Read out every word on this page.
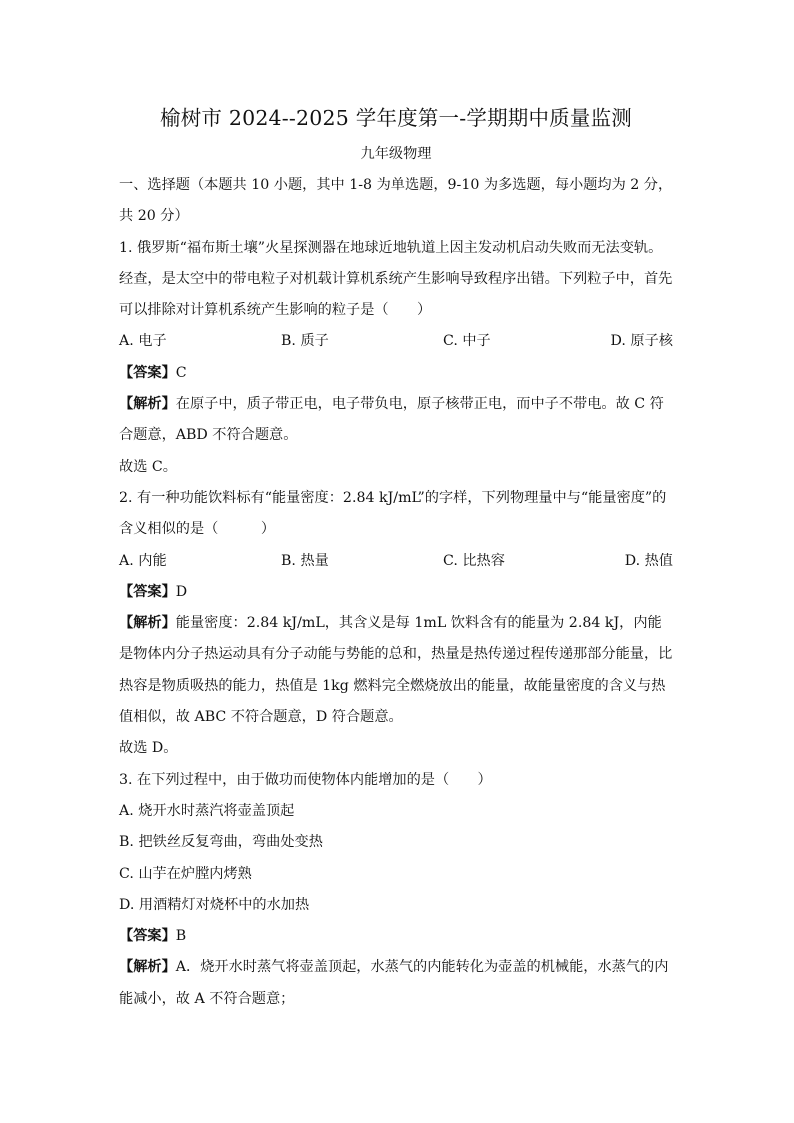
榆树市 2024--2025 学年度第一-学期期中质量监测

九年级物理

一、选择题（本题共 10 小题，其中 1-8 为单选题，9-10 为多选题，每小题均为 2 分，共 20 分）

1. 俄罗斯“福布斯土壤”火星探测器在地球近地轨道上因主发动机启动失败而无法变轨。经查，是太空中的带电粒子对机载计算机系统产生影响导致程序出错。下列粒子中，首先可以排除对计算机系统产生影响的粒子是（　　）

A. 电子	B. 质子	C. 中子	D. 原子核

【答案】C

【解析】在原子中，质子带正电，电子带负电，原子核带正电，而中子不带电。故 C 符合题意，ABD 不符合题意。

故选 C。

2. 有一种功能饮料标有“能量密度：2.84 kJ/mL”的字样，下列物理量中与“能量密度”的含义相似的是（　　　）

A. 内能	B. 热量	C. 比热容	D. 热值

【答案】D

【解析】能量密度：2.84 kJ/mL，其含义是每 1mL 饮料含有的能量为 2.84 kJ，内能是物体内分子热运动具有分子动能与势能的总和，热量是热传递过程传递那部分能量，比热容是物质吸热的能力，热值是 1kg 燃料完全燃烧放出的能量，故能量密度的含义与热值相似，故 ABC 不符合题意，D 符合题意。

故选 D。

3. 在下列过程中，由于做功而使物体内能增加的是（　　）

A. 烧开水时蒸汽将壶盖顶起

B. 把铁丝反复弯曲，弯曲处变热

C. 山芋在炉膛内烤熟

D. 用酒精灯对烧杯中的水加热

【答案】B

【解析】A．烧开水时蒸气将壶盖顶起，水蒸气的内能转化为壶盖的机械能，水蒸气的内能减小，故 A 不符合题意；
